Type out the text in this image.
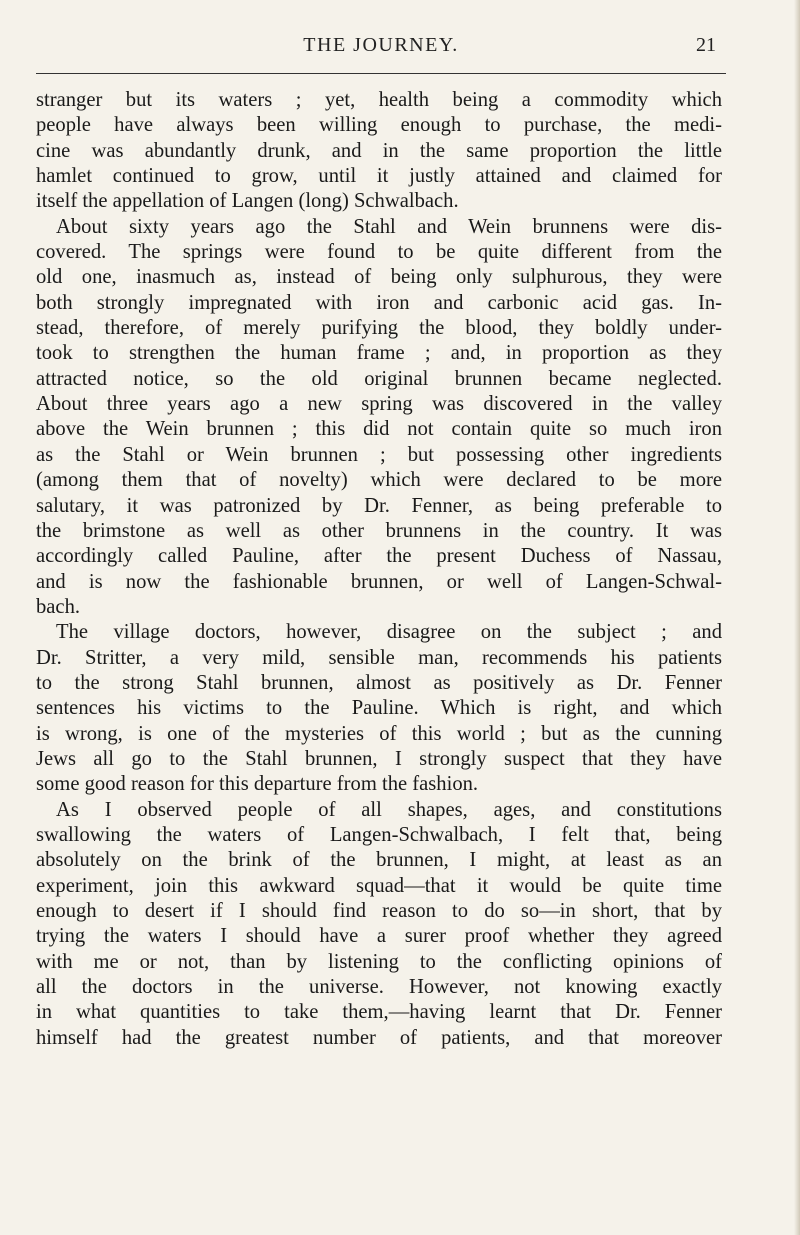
THE JOURNEY.	21
stranger but its waters ; yet, health being a commodity which
people have always been willing enough to purchase, the medi-
cine was abundantly drunk, and in the same proportion the little
hamlet continued to grow, until it justly attained and claimed for
itself the appellation of Langen (long) Schwalbach.
About sixty years ago the Stahl and Wein brunnens were dis-
covered. The springs were found to be quite different from the
old one, inasmuch as, instead of being only sulphurous, they were
both strongly impregnated with iron and carbonic acid gas. In-
stead, therefore, of merely purifying the blood, they boldly under-
took to strengthen the human frame ; and, in proportion as they
attracted notice, so the old original brunnen became neglected.
About three years ago a new spring was discovered in the valley
above the Wein brunnen ; this did not contain quite so much iron
as the Stahl or Wein brunnen ; but possessing other ingredients
(among them that of novelty) which were declared to be more
salutary, it was patronized by Dr. Fenner, as being preferable to
the brimstone as well as other brunnens in the country. It was
accordingly called Pauline, after the present Duchess of Nassau,
and is now the fashionable brunnen, or well of Langen-Schwal-
bach.
The village doctors, however, disagree on the subject ; and
Dr. Stritter, a very mild, sensible man, recommends his patients
to the strong Stahl brunnen, almost as positively as Dr. Fenner
sentences his victims to the Pauline. Which is right, and which
is wrong, is one of the mysteries of this world ; but as the cunning
Jews all go to the Stahl brunnen, I strongly suspect that they have
some good reason for this departure from the fashion.
As I observed people of all shapes, ages, and constitutions
swallowing the waters of Langen-Schwalbach, I felt that, being
absolutely on the brink of the brunnen, I might, at least as an
experiment, join this awkward squad—that it would be quite time
enough to desert if I should find reason to do so—in short, that by
trying the waters I should have a surer proof whether they agreed
with me or not, than by listening to the conflicting opinions of
all the doctors in the universe. However, not knowing exactly
in what quantities to take them,—having learnt that Dr. Fenner
himself had the greatest number of patients, and that moreover
